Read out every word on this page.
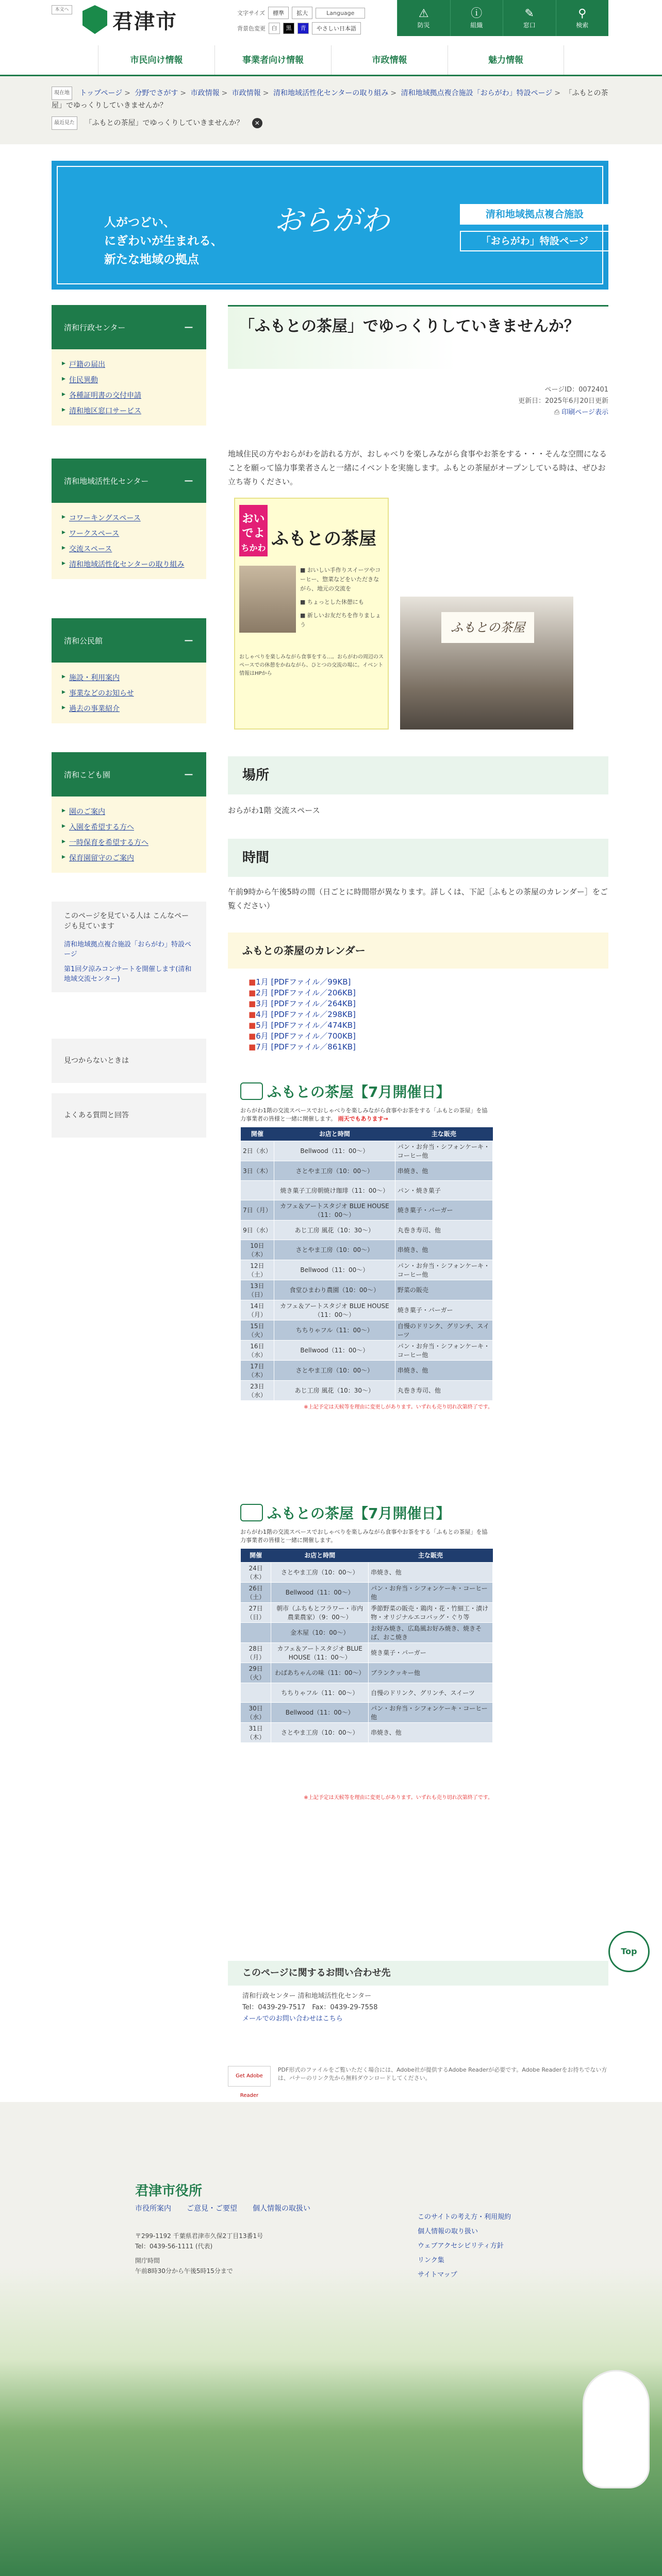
本文へ 君津市	文字サイズ	標準	拡大	Language
背景色変更	白	黒	青	やさしい日本語
⚠
防災
ⓘ
組織
✎
窓口
⚲
検索
市民向け情報	事業者向け情報	市政情報	魅力情報
現在地 トップページ > 分野でさがす > 市政情報 > 市政情報 > 清和地域活性化センターの取り組み > 清和地域拠点複合施設「おらがわ」特設ページ > 「ふもとの茶屋」でゆっくりしていきませんか？
最近見た 「ふもとの茶屋」でゆっくりしていきませんか？ ✕
人がつどい、
にぎわいが生まれる、
新たな地域の拠点
おらがわ	清和地域拠点複合施設
「おらがわ」特設ページ
清和行政センター	−
▸ 戸籍の届出
▸ 住民異動
▸ 各種証明書の交付申請
▸ 清和地区窓口サービス
清和地域活性化センター	−
▸ コワーキングスペース
▸ ワークスペース
▸ 交流スペース
▸ 清和地域活性化センターの取り組み
清和公民館	−
▸ 施設・利用案内
▸ 事業などのお知らせ
▸ 過去の事業紹介
清和こども園	−
▸ 園のご案内
▸ 入園を希望する方へ
▸ 一時保育を希望する方へ
▸ 保育園留守のご案内
このページを見ている人は こんなページも見ています
清和地域拠点複合施設「おらがわ」特設ページ
第1回夕涼みコンサートを開催します(清和地域交流センター)
見つからないときは
よくある質問と回答
「ふもとの茶屋」でゆっくりしていきませんか？
ページID：0072401
更新日：2025年6月20日更新
⎙ 印刷ページ表示
地域住民の方やおらがわを訪れる方が、おしゃべりを楽しみながら食事やお茶をする・・・そんな空間になることを願って協力事業者さんと一緒にイベントを実施します。ふもとの茶屋がオープンしている時は、ぜひお立ち寄りください。
おいでよ
ちかわ ふもとの茶屋
■ おいしい手作りスイーツやコーヒー、惣菜などをいただきながら、地元の交流を
■ ちょっとした休憩にも
■ 新しいお友だちを作りましょう
おしゃべりを楽しみながら食事をする…。おらがわの周辺のスペースでの休憩をかねながら、ひとつの交流の場に。イベント情報はHPから
ふもとの茶屋
場所
おらがわ1階 交流スペース
時間
午前9時から午後5時の間（日ごとに時間帯が異なります。詳しくは、下記［ふもとの茶屋のカレンダー］をご覧ください）
ふもとの茶屋のカレンダー
■ 1月 [PDFファイル／99KB]
■ 2月 [PDFファイル／206KB]
■ 3月 [PDFファイル／264KB]
■ 4月 [PDFファイル／298KB]
■ 5月 [PDFファイル／474KB]
■ 6月 [PDFファイル／700KB]
■ 7月 [PDFファイル／861KB]
ふもとの茶屋【7月開催日】
おらがわ1階の交流スペースでおしゃべりを楽しみながら食事やお茶をする「ふもとの茶屋」を協力事業者の皆様と一緒に開催します。 雨天でもあります→
開催	お店と時間	主な販売
2日（水）	Bellwood（11：00～）	パン・お弁当・シフォンケーキ・コーヒー他
3日（木）	さとやま工房（10：00～）	串焼き、他
	焼き菓子工房朝焼け珈琲（11：00～）	パン・焼き菓子
7日（月）	カフェ＆アートスタジオ BLUE HOUSE（11：00～）	焼き菓子・パーガー
9日（水）	あじ工房 風花（10：30～）	丸巻き寿司、他
10日（木）	さとやま工房（10：00～）	串焼き、他
12日（土）	Bellwood（11：00～）	パン・お弁当・シフォンケーキ・コーヒー他
13日（日）	食堂ひまわり農園（10：00～）	野菜の販売
14日（月）	カフェ＆アートスタジオ BLUE HOUSE（11：00～）	焼き菓子・パーガー
15日（火）	ちちりゃフル（11：00～）	自慢のドリンク、グリンチ、スイーツ
16日（水）	Bellwood（11：00～）	パン・お弁当・シフォンケーキ・コーヒー他
17日（木）	さとやま工房（10：00～）	串焼き、他
23日（水）	あじ工房 風花（10：30～）	丸巻き寿司、他
※上記予定は天候等を理由に変更しがあります。いずれも売り切れ次第終了です。
ふもとの茶屋【7月開催日】
おらがわ1階の交流スペースでおしゃべりを楽しみながら食事やお茶をする「ふもとの茶屋」を協力事業者の皆様と一緒に開催します。
開催	お店と時間	主な販売
24日（木）	さとやま工房（10：00～）	串焼き、他
26日（土）	Bellwood（11：00～）	パン・お弁当・シフォンケーキ・コーヒー他
27日（日）	朝市（ふちもとフラワー・市内農業農家）（9：00～）	季節野菜の販売・鶏肉・花・竹細工・漬け物・オリジナルエコバッグ・ぐり等
	金木屋（10：00～）	お好み焼き、広島風お好み焼き、焼きそば、おこ焼き
28日（月）	カフェ＆アートスタジオ BLUE HOUSE（11：00～）	焼き菓子・パーガー
29日（火）	わばあちゃんの味（11：00～）	ブランクッキー他
	ちちりゃフル（11：00～）	自慢のドリンク、グリンチ、スイーツ
30日（水）	Bellwood（11：00～）	パン・お弁当・シフォンケーキ・コーヒー他
31日（木）	さとやま工房（10：00～）	串焼き、他
※上記予定は天候等を理由に変更しがあります。いずれも売り切れ次第終了です。
Top
このページに関するお問い合わせ先
清和行政センター 清和地域活性化センター
Tel：0439-29-7517　Fax：0439-29-7558
メールでのお問い合わせはこちら
Get Adobe Reader
PDF形式のファイルをご覧いただく場合には、Adobe社が提供するAdobe Readerが必要です。Adobe Readerをお持ちでない方は、バナーのリンク先から無料ダウンロードしてください。
君津市役所
市役所案内 ご意見・ご要望 個人情報の取扱い
〒299-1192 千葉県君津市久保2丁目13番1号
Tel：0439-56-1111 (代表)
開庁時間
午前8時30分から午後5時15分まで
このサイトの考え方・利用規約
個人情報の取り扱い
ウェブアクセシビリティ方針
リンク集
サイトマップ
